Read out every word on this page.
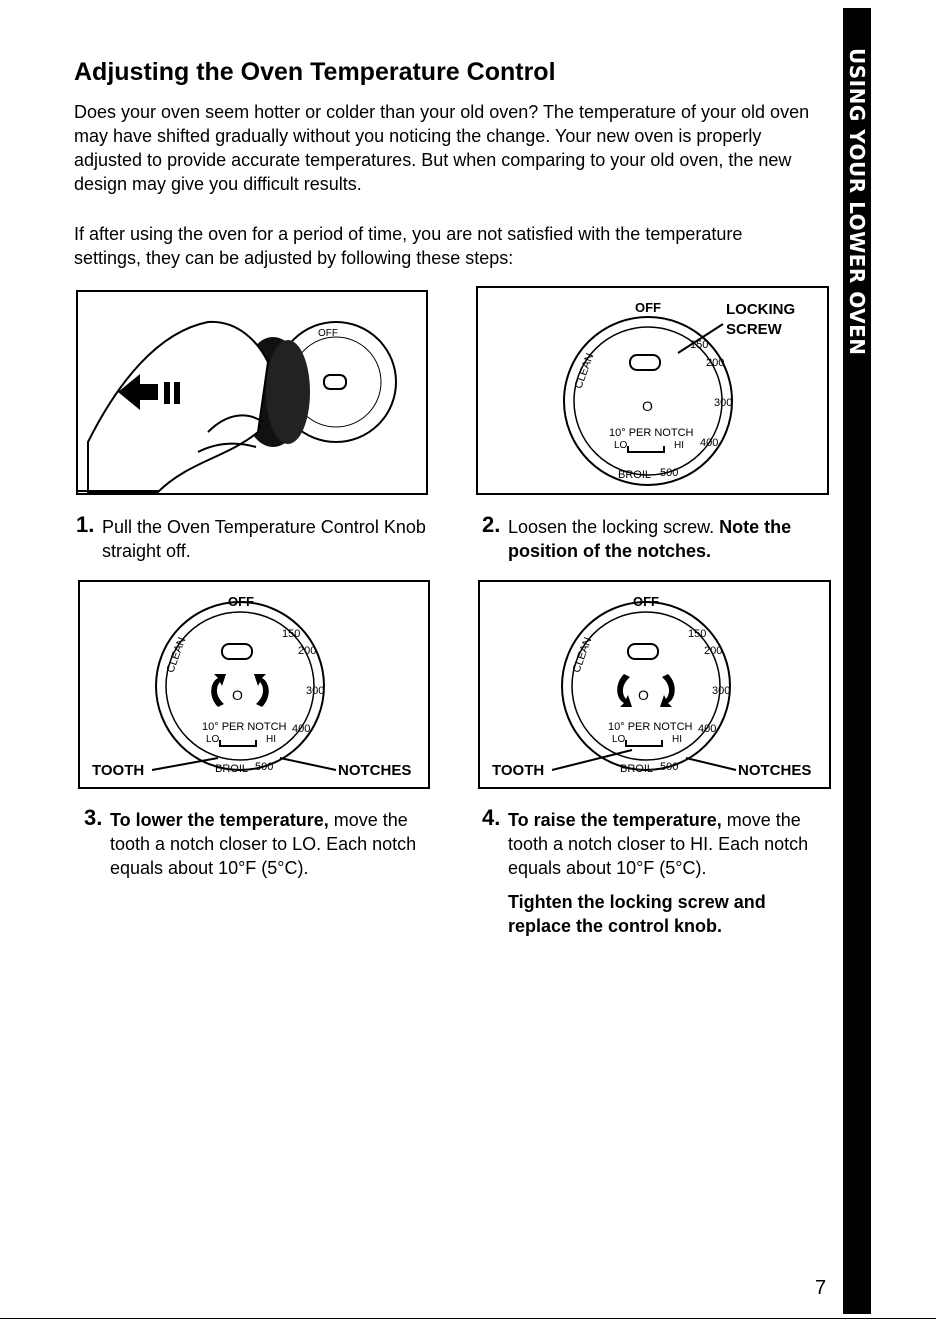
Adjusting the Oven Temperature Control

Does your oven seem hotter or colder than your old oven? The temperature of your old oven may have shifted gradually without you noticing the change. Your new oven is properly adjusted to provide accurate temperatures. But when comparing to your old oven, the new design may give you difficult results.

If after using the oven for a period of time, you are not satisfied with the temperature settings, they can be adjusted by following these steps:	USING YOUR LOWER OVEN
OFF
OFF	LOCKING
SCREW
CLEAN
150
200
300
400
BROIL 500
O
10° PER NOTCH
LO	HI
1. Pull the Oven Temperature Control Knob straight off.
2. Loosen the locking screw. Note the position of the notches.
OFF
CLEAN
150
200
300
400
BROIL 500
O
10° PER NOTCH
LO	HI
TOOTH	NOTCHES
OFF
CLEAN
150
200
300
400
BROIL 500
O
10° PER NOTCH
LO	HI
TOOTH	NOTCHES
3. To lower the temperature, move the tooth a notch closer to LO. Each notch equals about 10°F (5°C).
4. To raise the temperature, move the tooth a notch closer to HI. Each notch equals about 10°F (5°C).
Tighten the locking screw and replace the control knob.
7
